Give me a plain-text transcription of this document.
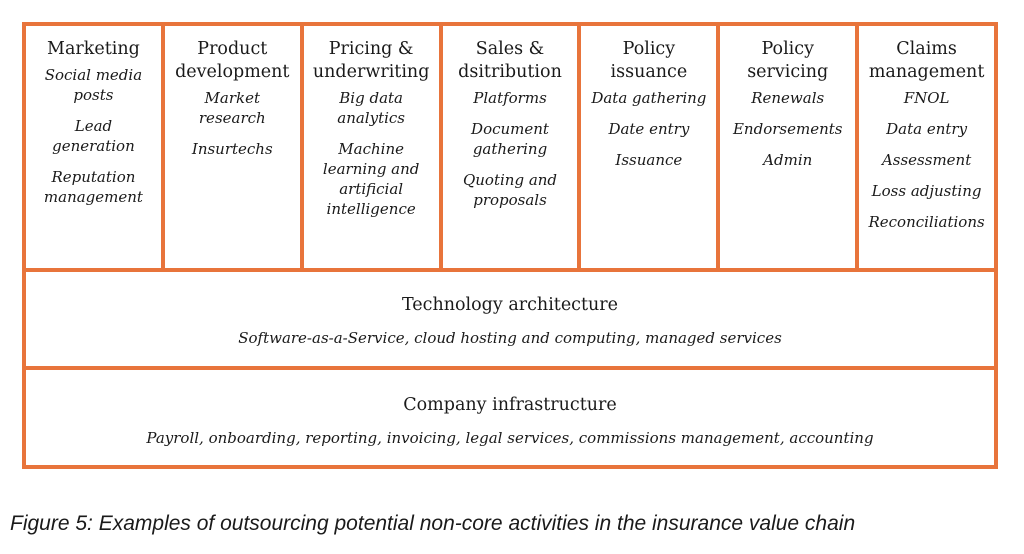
Marketing
Social media posts
Lead generation
Reputation management
Product development
Market research
Insurtechs
Pricing & underwriting
Big data analytics
Machine learning and artificial intelligence
Sales & dsitribution
Platforms
Document gathering
Quoting and proposals
Policy issuance
Data gathering
Date entry
Issuance
Policy servicing
Renewals
Endorsements
Admin
Claims management
FNOL
Data entry
Assessment
Loss adjusting
Reconciliations
Technology architecture
Software-as-a-Service, cloud hosting and computing, managed services
Company infrastructure
Payroll, onboarding, reporting, invoicing, legal services, commissions management, accounting
Figure 5: Examples of outsourcing potential non-core activities in the insurance value chain
